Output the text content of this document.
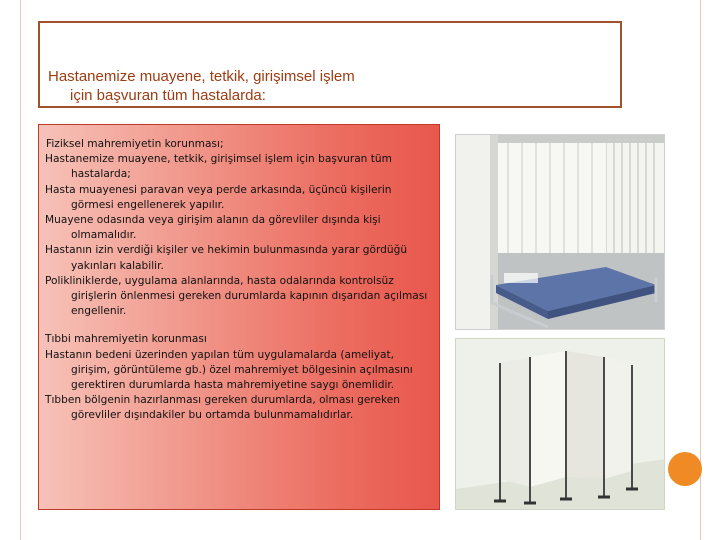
Hastanemize muayene, tetkik, girişimsel işlem
için başvuran tüm hastalarda:

Fiziksel mahremiyetin korunması;

Hastanemize muayene, tetkik, girişimsel işlem için başvuran tüm hastalarda;

Hasta muayenesi paravan veya perde arkasında, üçüncü kişilerin görmesi engellenerek yapılır.

Muayene odasında veya girişim alanın da görevliler dışında kişi olmamalıdır.

Hastanın izin verdiği kişiler ve hekimin bulunmasında yarar gördüğü yakınları kalabilir.

Polikliniklerde, uygulama alanlarında, hasta odalarında kontrolsüz girişlerin önlenmesi gereken durumlarda kapının dışarıdan açılması engellenir.

Tıbbi mahremiyetin korunması

Hastanın bedeni üzerinden yapılan tüm uygulamalarda (ameliyat, girişim, görüntüleme gb.) özel mahremiyet bölgesinin açılmasını gerektiren durumlarda hasta mahremiyetine saygı önemlidir.

Tıbben bölgenin hazırlanması gereken durumlarda, olması gereken görevliler dışındakiler bu ortamda bulunmamalıdırlar.
